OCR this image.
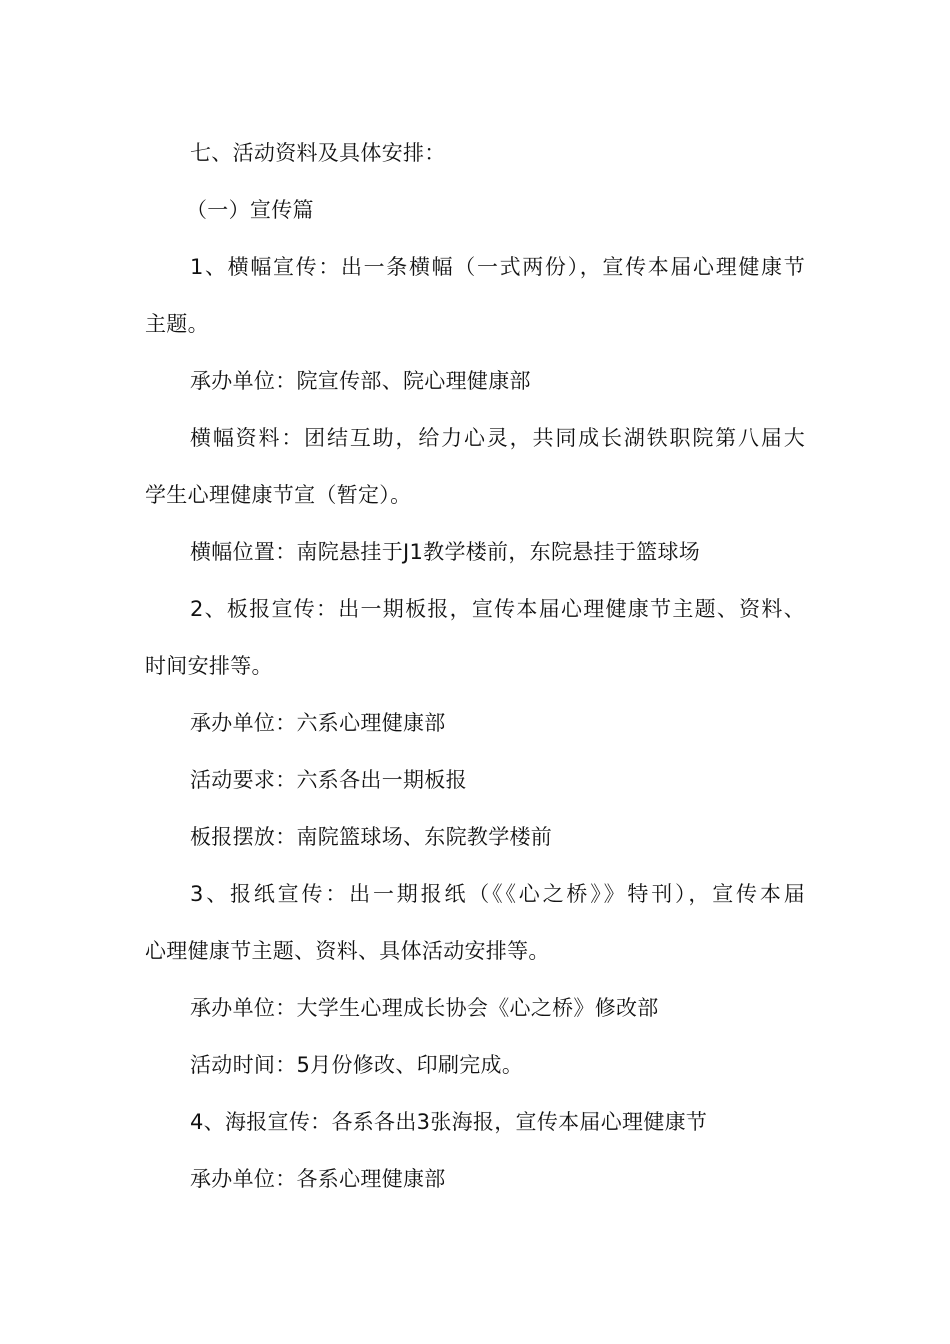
七、活动资料及具体安排：
（一）宣传篇
1、横幅宣传：出一条横幅（一式两份），宣传本届心理健康节
主题。
承办单位：院宣传部、院心理健康部
横幅资料：团结互助，给力心灵，共同成长湖铁职院第八届大
学生心理健康节宣（暂定）。
横幅位置：南院悬挂于J1教学楼前，东院悬挂于篮球场
2、板报宣传：出一期板报，宣传本届心理健康节主题、资料、
时间安排等。
承办单位：六系心理健康部
活动要求：六系各出一期板报
板报摆放：南院篮球场、东院教学楼前
3、报纸宣传：出一期报纸（《《心之桥》》特刊），宣传本届
心理健康节主题、资料、具体活动安排等。
承办单位：大学生心理成长协会《心之桥》修改部
活动时间：5月份修改、印刷完成。
4、海报宣传：各系各出3张海报，宣传本届心理健康节
承办单位：各系心理健康部
